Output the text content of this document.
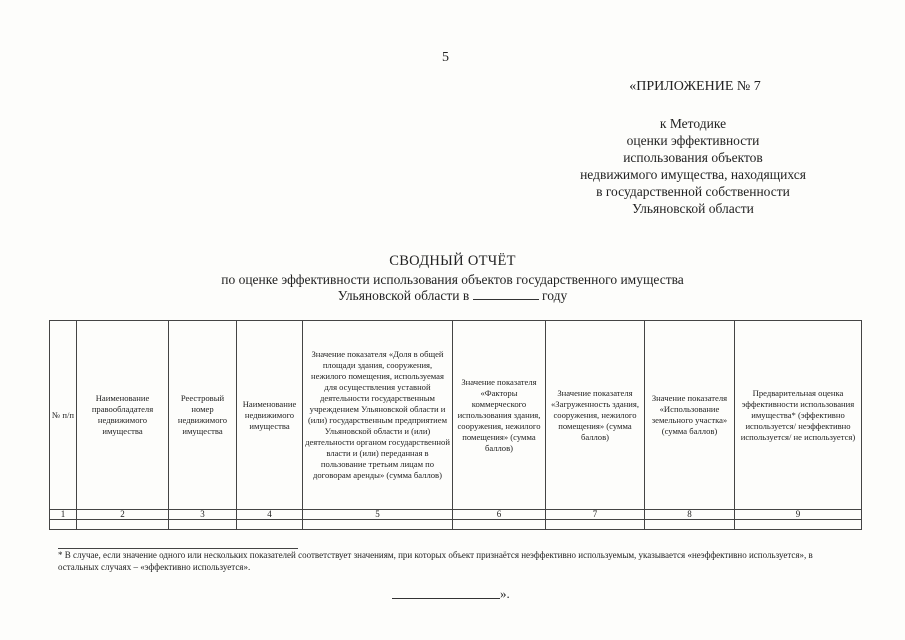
5
«ПРИЛОЖЕНИЕ № 7
к Методике
оценки эффективности
использования объектов
недвижимого имущества, находящихся
в государственной собственности
Ульяновской области
СВОДНЫЙ ОТЧЁТ
по оценке эффективности использования объектов государственного имущества
Ульяновской области в	году
№ п/п	Наименование правообладателя недвижимого имущества	Реестровый номер недвижимого имущества	Наименование недвижимого имущества	Значение показателя «Доля в общей площади здания, сооружения, нежилого помещения, используемая для осуществления уставной деятельности государственным учреждением Ульяновской области и (или) государственным предприятием Ульяновской области и (или) деятельности органом государственной власти и (или) переданная в пользование третьим лицам по договорам аренды» (сумма баллов)	Значение показателя «Факторы коммерческого использования здания, сооружения, нежилого помещения» (сумма баллов)	Значение показателя «Загруженность здания, сооружения, нежилого помещения» (сумма баллов)	Значение показателя «Использование земельного участка» (сумма баллов)	Предварительная оценка эффективности использования имущества* (эффективно используется/ неэффективно используется/ не используется)
1	2	3	4	5	6	7	8	9

* В случае, если значение одного или нескольких показателей соответствует значениям, при которых объект признаётся неэффективно используемым, указывается «неэффективно используется», в остальных случаях – «эффективно используется».
».
